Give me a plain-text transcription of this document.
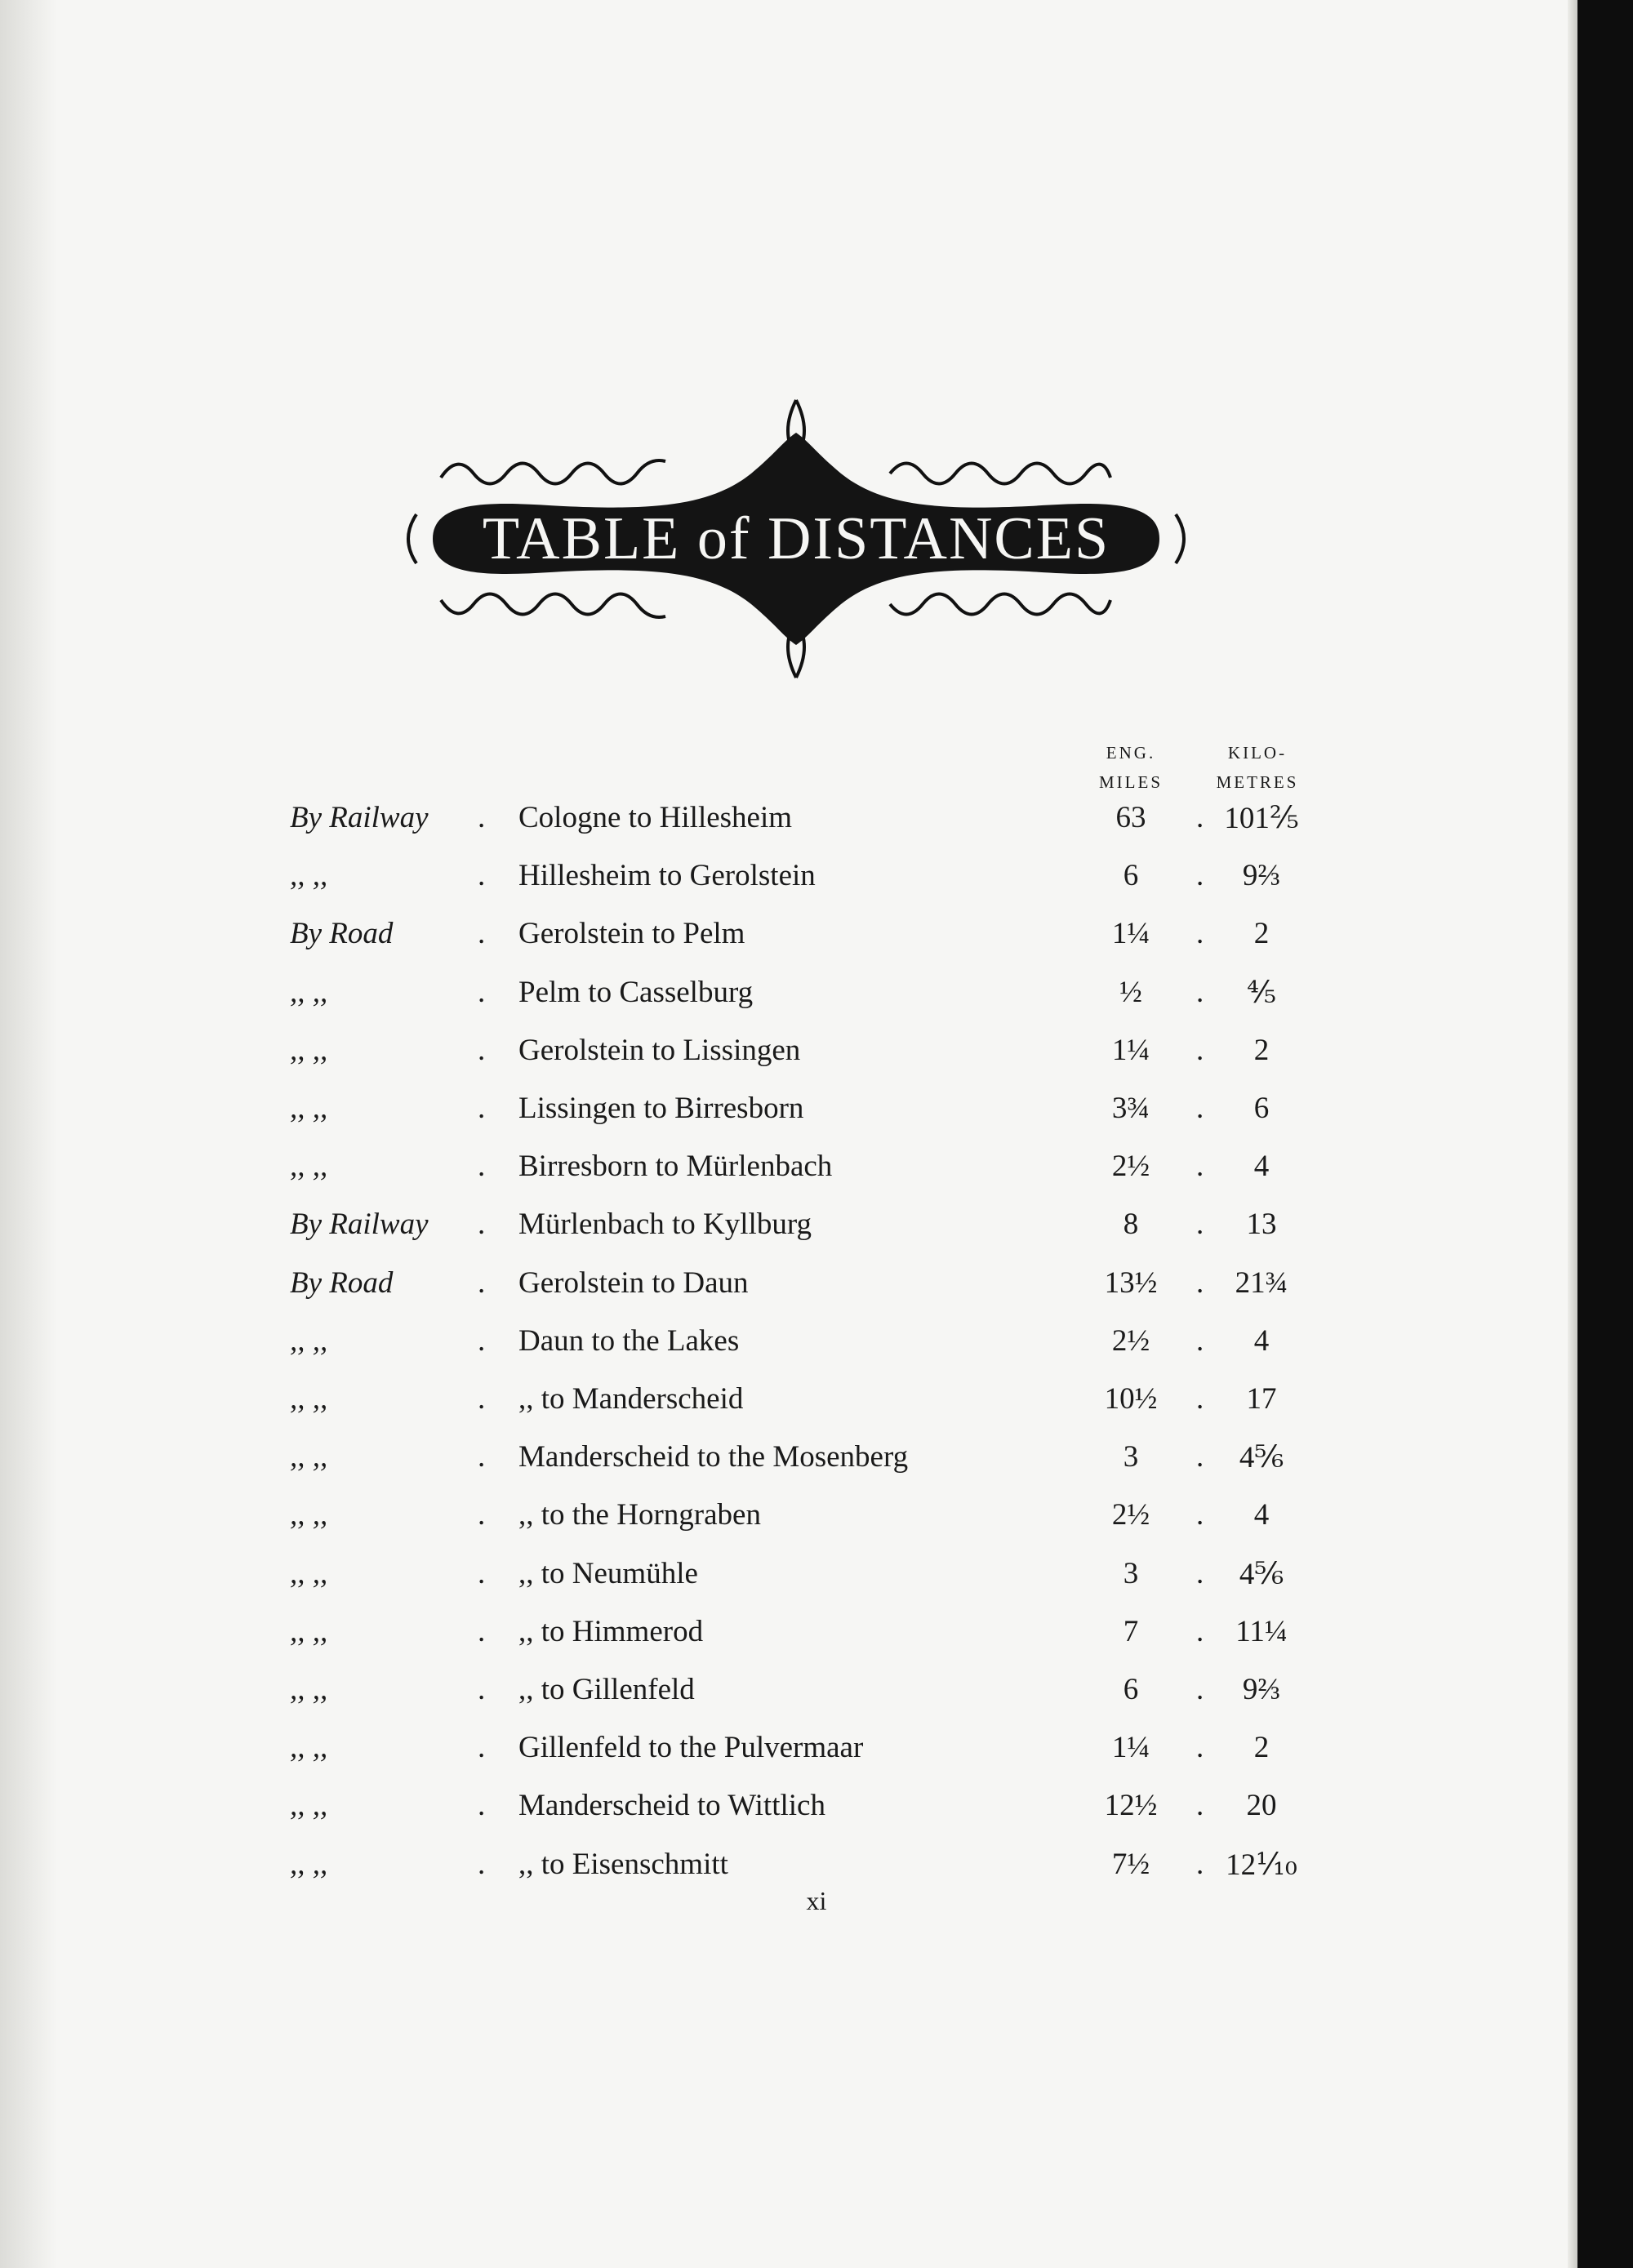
TABLE of DISTANCES
ENG.
MILES
KILO-
METRES
By Railway . Cologne to Hillesheim	63	. 101⅖
,, ,,	. Hillesheim to Gerolstein	6	.	9⅔
By Road	. Gerolstein to Pelm	1¼	.	2
,, ,,	. Pelm to Casselburg	½	.	⅘
,, ,,	. Gerolstein to Lissingen	1¼	.	2
,, ,,	. Lissingen to Birresborn	3¾	.	6
,, ,,	. Birresborn to Mürlenbach	2½	.	4
By Railway . Mürlenbach to Kyllburg	8	.	13
By Road	. Gerolstein to Daun	13½	.	21¾
,, ,,	. Daun to the Lakes	2½	.	4
,, ,,	. ,, to Manderscheid	10½	.	17
,, ,,	. Manderscheid to the Mosenberg	3	.	4⅚
,, ,,	. ,, to the Horngraben	2½	.	4
,, ,,	. ,, to Neumühle	3	.	4⅚
,, ,,	. ,, to Himmerod	7	.	11¼
,, ,,	. ,, to Gillenfeld	6	.	9⅔
,, ,,	. Gillenfeld to the Pulvermaar	1¼	.	2
,, ,,	. Manderscheid to Wittlich	12½	.	20
,, ,,	. ,, to Eisenschmitt	7½	. 12⅒
xi
